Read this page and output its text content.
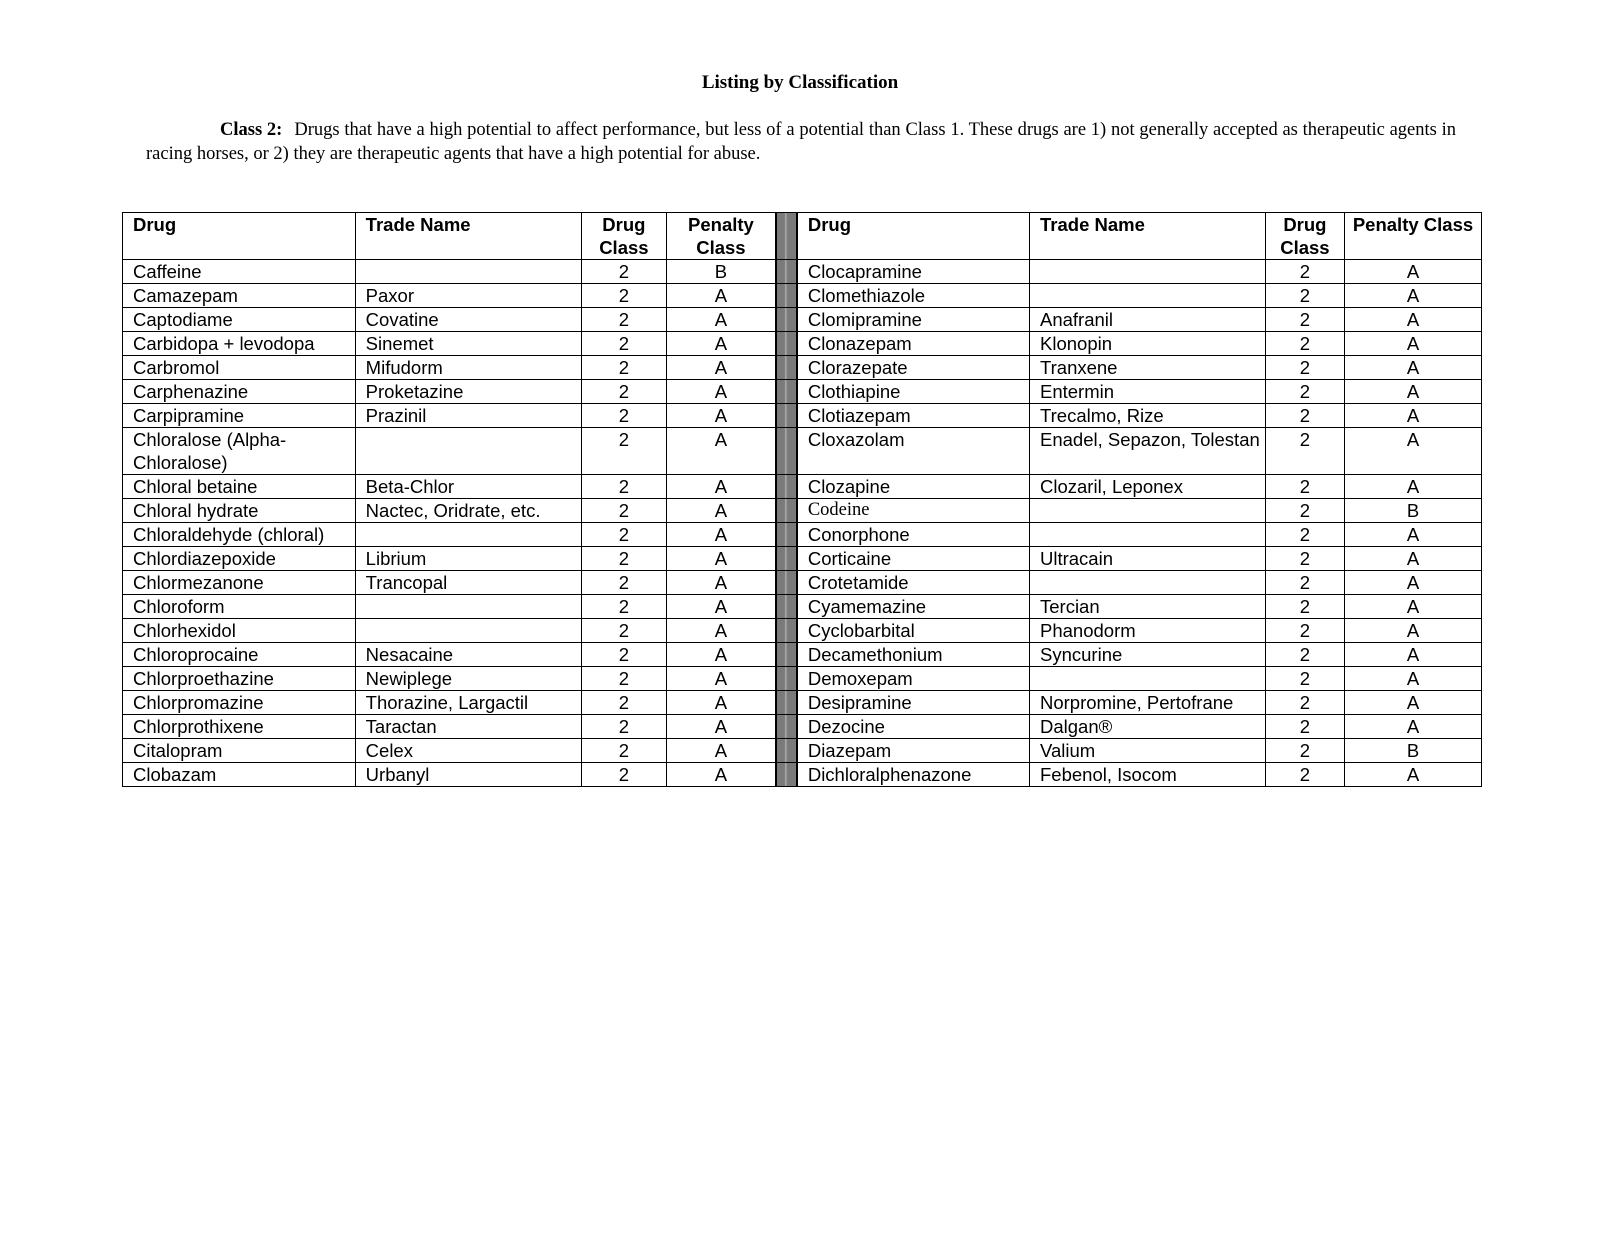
Listing by Classification
Class 2: Drugs that have a high potential to affect performance, but less of a potential than Class 1. These drugs are 1) not generally accepted as therapeutic agents in racing horses, or 2) they are therapeutic agents that have a high potential for abuse.
Drug	Trade Name	Drug Class	Penalty Class		Drug	Trade Name	Drug Class	Penalty Class
Caffeine		2	B		Clocapramine		2	A
Camazepam	Paxor	2	A		Clomethiazole		2	A
Captodiame	Covatine	2	A		Clomipramine	Anafranil	2	A
Carbidopa + levodopa	Sinemet	2	A		Clonazepam	Klonopin	2	A
Carbromol	Mifudorm	2	A		Clorazepate	Tranxene	2	A
Carphenazine	Proketazine	2	A		Clothiapine	Entermin	2	A
Carpipramine	Prazinil	2	A		Clotiazepam	Trecalmo, Rize	2	A
Chloralose (Alpha-Chloralose)		2	A		Cloxazolam	Enadel, Sepazon, Tolestan	2	A
Chloral betaine	Beta-Chlor	2	A		Clozapine	Clozaril, Leponex	2	A
Chloral hydrate	Nactec, Oridrate, etc.	2	A		Codeine		2	B
Chloraldehyde (chloral)		2	A		Conorphone		2	A
Chlordiazepoxide	Librium	2	A		Corticaine	Ultracain	2	A
Chlormezanone	Trancopal	2	A		Crotetamide		2	A
Chloroform		2	A		Cyamemazine	Tercian	2	A
Chlorhexidol		2	A		Cyclobarbital	Phanodorm	2	A
Chloroprocaine	Nesacaine	2	A		Decamethonium	Syncurine	2	A
Chlorproethazine	Newiplege	2	A		Demoxepam		2	A
Chlorpromazine	Thorazine, Largactil	2	A		Desipramine	Norpromine, Pertofrane	2	A
Chlorprothixene	Taractan	2	A		Dezocine	Dalgan®	2	A
Citalopram	Celex	2	A		Diazepam	Valium	2	B
Clobazam	Urbanyl	2	A		Dichloralphenazone	Febenol, Isocom	2	A
